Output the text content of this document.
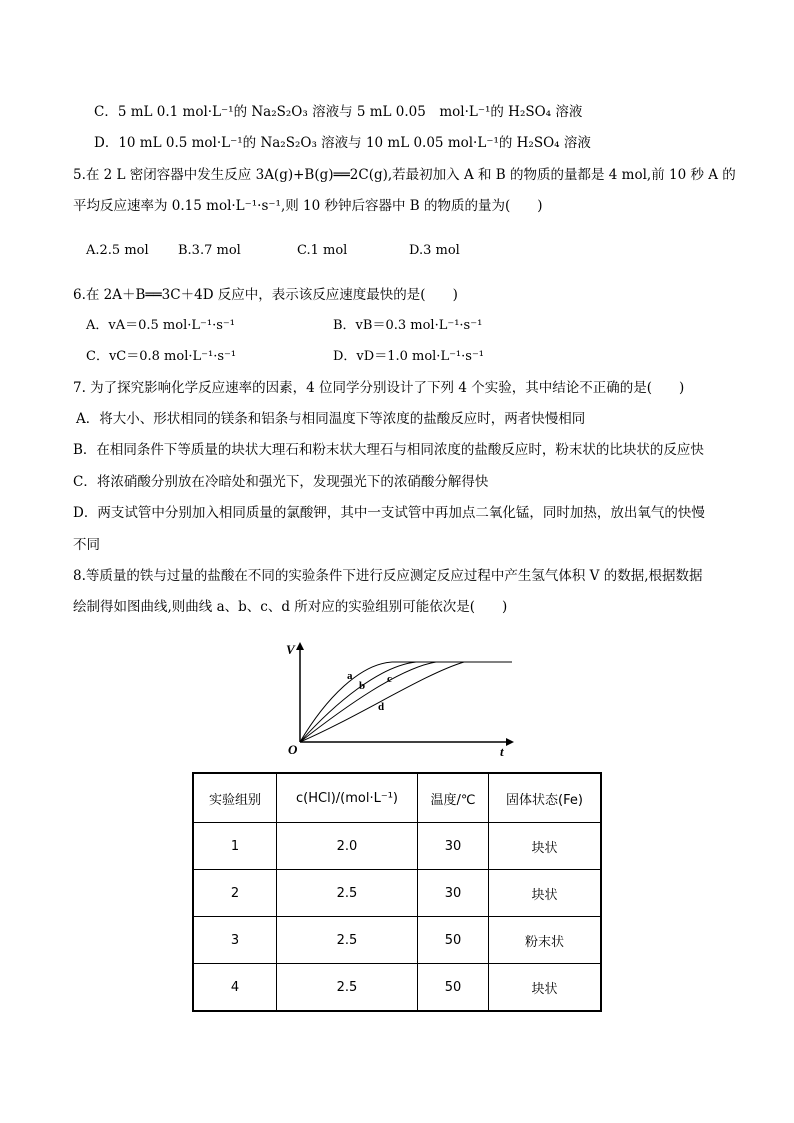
C．5 mL 0.1 mol·L⁻¹的 Na₂S₂O₃ 溶液与 5 mL 0.05　mol·L⁻¹的 H₂SO₄ 溶液
D．10 mL 0.5 mol·L⁻¹的 Na₂S₂O₃ 溶液与 10 mL 0.05 mol·L⁻¹的 H₂SO₄ 溶液
5.在 2 L 密闭容器中发生反应 3A(g)+B(g)══2C(g),若最初加入 A 和 B 的物质的量都是 4 mol,前 10 秒 A 的
平均反应速率为 0.15 mol·L⁻¹·s⁻¹,则 10 秒钟后容器中 B 的物质的量为(　　)
A.2.5 mol B.3.7 mol	C.1 mol	D.3 mol
6.在 2A＋B══3C＋4D 反应中，表示该反应速度最快的是(　　)
A．vA＝0.5 mol·L⁻¹·s⁻¹	B．vB＝0.3 mol·L⁻¹·s⁻¹
C．vC＝0.8 mol·L⁻¹·s⁻¹	D．vD＝1.0 mol·L⁻¹·s⁻¹
7. 为了探究影响化学反应速率的因素，4 位同学分别设计了下列 4 个实验，其中结论不正确的是(　　)
A．将大小、形状相同的镁条和铝条与相同温度下等浓度的盐酸反应时，两者快慢相同
B．在相同条件下等质量的块状大理石和粉末状大理石与相同浓度的盐酸反应时，粉末状的比块状的反应快
C．将浓硝酸分别放在冷暗处和强光下，发现强光下的浓硝酸分解得快
D．两支试管中分别加入相同质量的氯酸钾，其中一支试管中再加点二氧化锰，同时加热，放出氧气的快慢
不同
8.等质量的铁与过量的盐酸在不同的实验条件下进行反应测定反应过程中产生氢气体积 V 的数据,根据数据
绘制得如图曲线,则曲线 a、b、c、d 所对应的实验组别可能依次是(　　)
V
t
O
a
b
c
d
实验组别	c(HCl)/(mol·L⁻¹)	温度/℃	固体状态(Fe)
1	2.0	30	块状
2	2.5	30	块状
3	2.5	50	粉末状
4	2.5	50	块状
